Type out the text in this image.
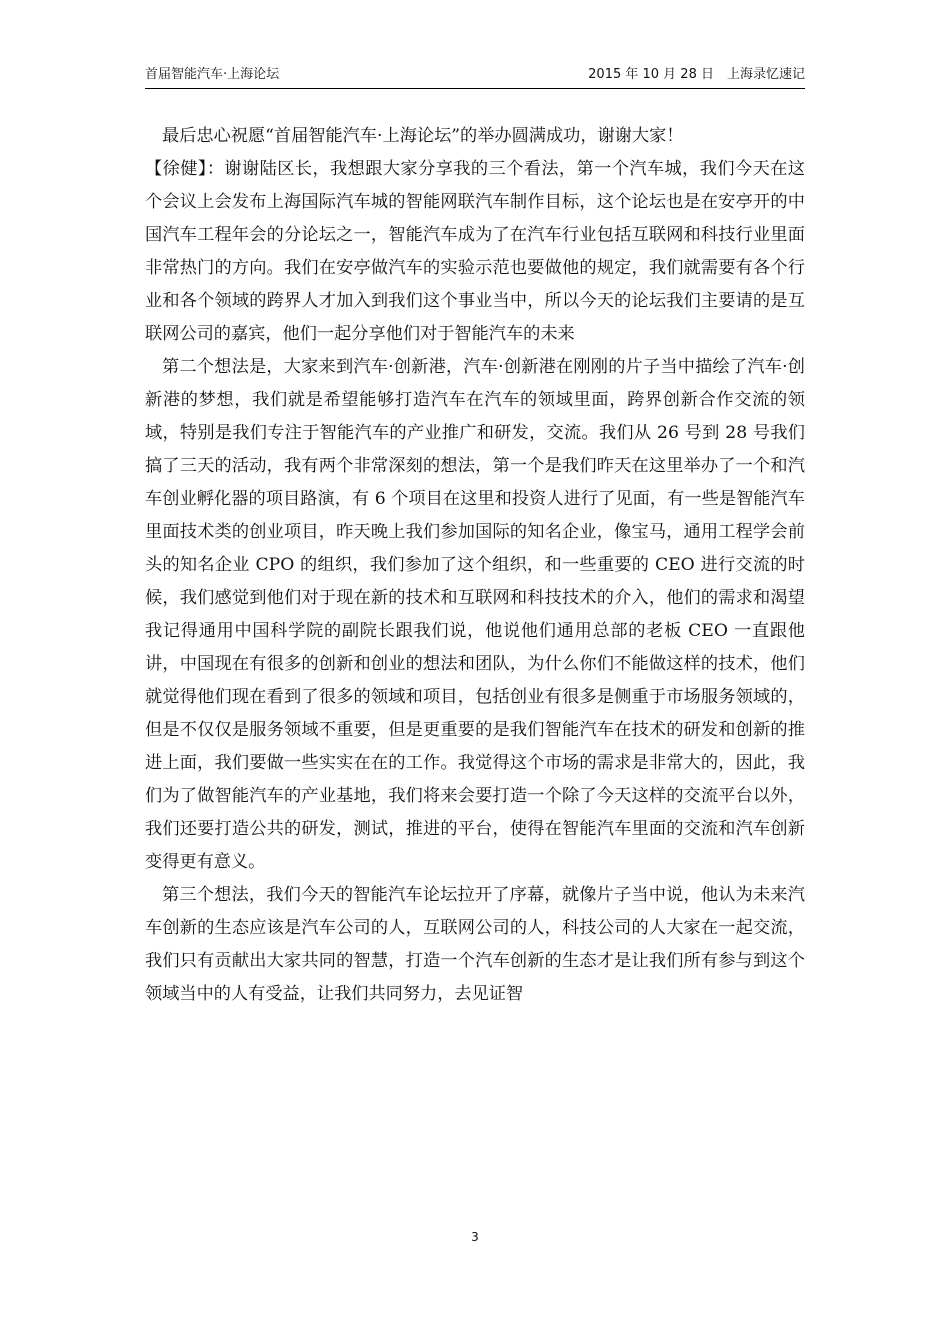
首届智能汽车·上海论坛	2015 年 10 月 28 日　上海录忆速记

最后忠心祝愿“首届智能汽车·上海论坛”的举办圆满成功，谢谢大家！

【徐健】：谢谢陆区长，我想跟大家分享我的三个看法，第一个汽车城，我们今天在这个会议上会发布上海国际汽车城的智能网联汽车制作目标，这个论坛也是在安亭开的中国汽车工程年会的分论坛之一，智能汽车成为了在汽车行业包括互联网和科技行业里面非常热门的方向。我们在安亭做汽车的实验示范也要做他的规定，我们就需要有各个行业和各个领域的跨界人才加入到我们这个事业当中，所以今天的论坛我们主要请的是互联网公司的嘉宾，他们一起分享他们对于智能汽车的未来

第二个想法是，大家来到汽车·创新港，汽车·创新港在刚刚的片子当中描绘了汽车·创新港的梦想，我们就是希望能够打造汽车在汽车的领域里面，跨界创新合作交流的领域，特别是我们专注于智能汽车的产业推广和研发，交流。我们从 26 号到 28 号我们搞了三天的活动，我有两个非常深刻的想法，第一个是我们昨天在这里举办了一个和汽车创业孵化器的项目路演，有 6 个项目在这里和投资人进行了见面，有一些是智能汽车里面技术类的创业项目，昨天晚上我们参加国际的知名企业，像宝马，通用工程学会前头的知名企业 CPO 的组织，我们参加了这个组织，和一些重要的 CEO 进行交流的时候，我们感觉到他们对于现在新的技术和互联网和科技技术的介入，他们的需求和渴望我记得通用中国科学院的副院长跟我们说，他说他们通用总部的老板 CEO 一直跟他讲，中国现在有很多的创新和创业的想法和团队，为什么你们不能做这样的技术，他们就觉得他们现在看到了很多的领域和项目，包括创业有很多是侧重于市场服务领域的，但是不仅仅是服务领域不重要，但是更重要的是我们智能汽车在技术的研发和创新的推进上面，我们要做一些实实在在的工作。我觉得这个市场的需求是非常大的，因此，我们为了做智能汽车的产业基地，我们将来会要打造一个除了今天这样的交流平台以外，我们还要打造公共的研发，测试，推进的平台，使得在智能汽车里面的交流和汽车创新变得更有意义。

第三个想法，我们今天的智能汽车论坛拉开了序幕，就像片子当中说，他认为未来汽车创新的生态应该是汽车公司的人，互联网公司的人，科技公司的人大家在一起交流，我们只有贡献出大家共同的智慧，打造一个汽车创新的生态才是让我们所有参与到这个领域当中的人有受益，让我们共同努力，去见证智

3
